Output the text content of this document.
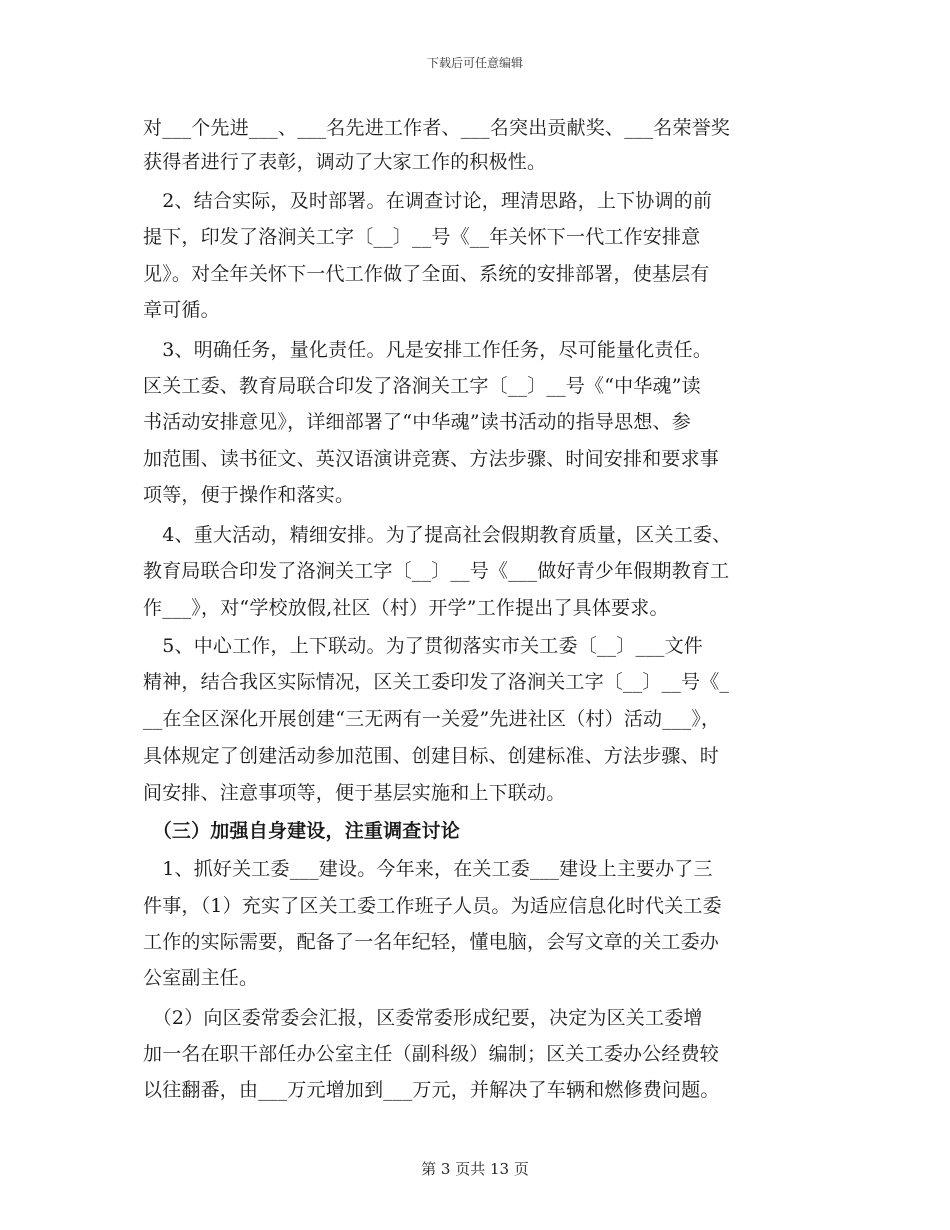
下载后可任意编辑
对___个先进___、___名先进工作者、___名突出贡献奖、___名荣誉奖
获得者进行了表彰，调动了大家工作的积极性。
　2、结合实际，及时部署。在调查讨论，理清思路，上下协调的前
提下，印发了洛涧关工字〔__〕__号《__年关怀下一代工作安排意
见》。对全年关怀下一代工作做了全面、系统的安排部署，使基层有
章可循。
　3、明确任务，量化责任。凡是安排工作任务，尽可能量化责任。
区关工委、教育局联合印发了洛涧关工字〔__〕__号《“中华魂”读
书活动安排意见》，详细部署了“中华魂”读书活动的指导思想、参
加范围、读书征文、英汉语演讲竞赛、方法步骤、时间安排和要求事
项等，便于操作和落实。
　4、重大活动，精细安排。为了提高社会假期教育质量，区关工委、
教育局联合印发了洛涧关工字〔__〕__号《___做好青少年假期教育工
作___》，对“学校放假,社区（村）开学”工作提出了具体要求。
　5、中心工作，上下联动。为了贯彻落实市关工委〔__〕___文件
精神，结合我区实际情况，区关工委印发了洛涧关工字〔__〕__号《_
__在全区深化开展创建“三无两有一关爱”先进社区（村）活动___》，
具体规定了创建活动参加范围、创建目标、创建标准、方法步骤、时
间安排、注意事项等，便于基层实施和上下联动。
　（三）加强自身建设，注重调查讨论
　1、抓好关工委___建设。今年来，在关工委___建设上主要办了三
件事，（1）充实了区关工委工作班子人员。为适应信息化时代关工委
工作的实际需要，配备了一名年纪轻，懂电脑，会写文章的关工委办
公室副主任。
　（2）向区委常委会汇报，区委常委形成纪要，决定为区关工委增
加一名在职干部任办公室主任（副科级）编制；区关工委办公经费较
以往翻番，由___万元增加到___万元，并解决了车辆和燃修费问题。
第 3 页共 13 页
